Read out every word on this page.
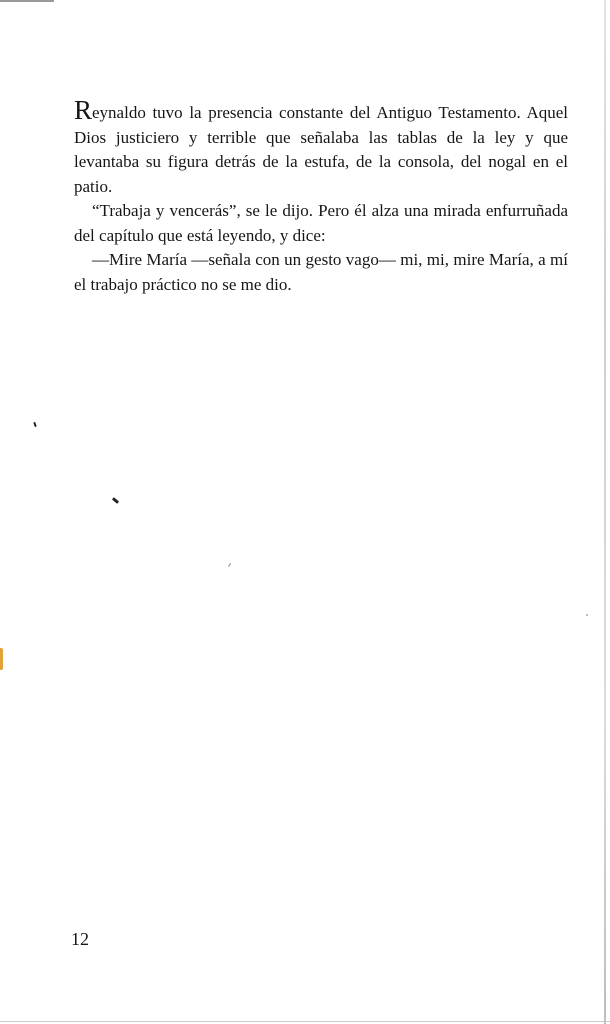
Reynaldo tuvo la presencia constante del Antiguo Testamento. Aquel Dios justiciero y terrible que señalaba las tablas de la ley y que levantaba su figura detrás de la estufa, de la consola, del nogal en el patio.

“Trabaja y vencerás”, se le dijo. Pero él alza una mirada enfurruñada del capítulo que está leyendo, y dice:

—Mire María —señala con un gesto vago— mi, mi, mire María, a mí el trabajo práctico no se me dio.

12
